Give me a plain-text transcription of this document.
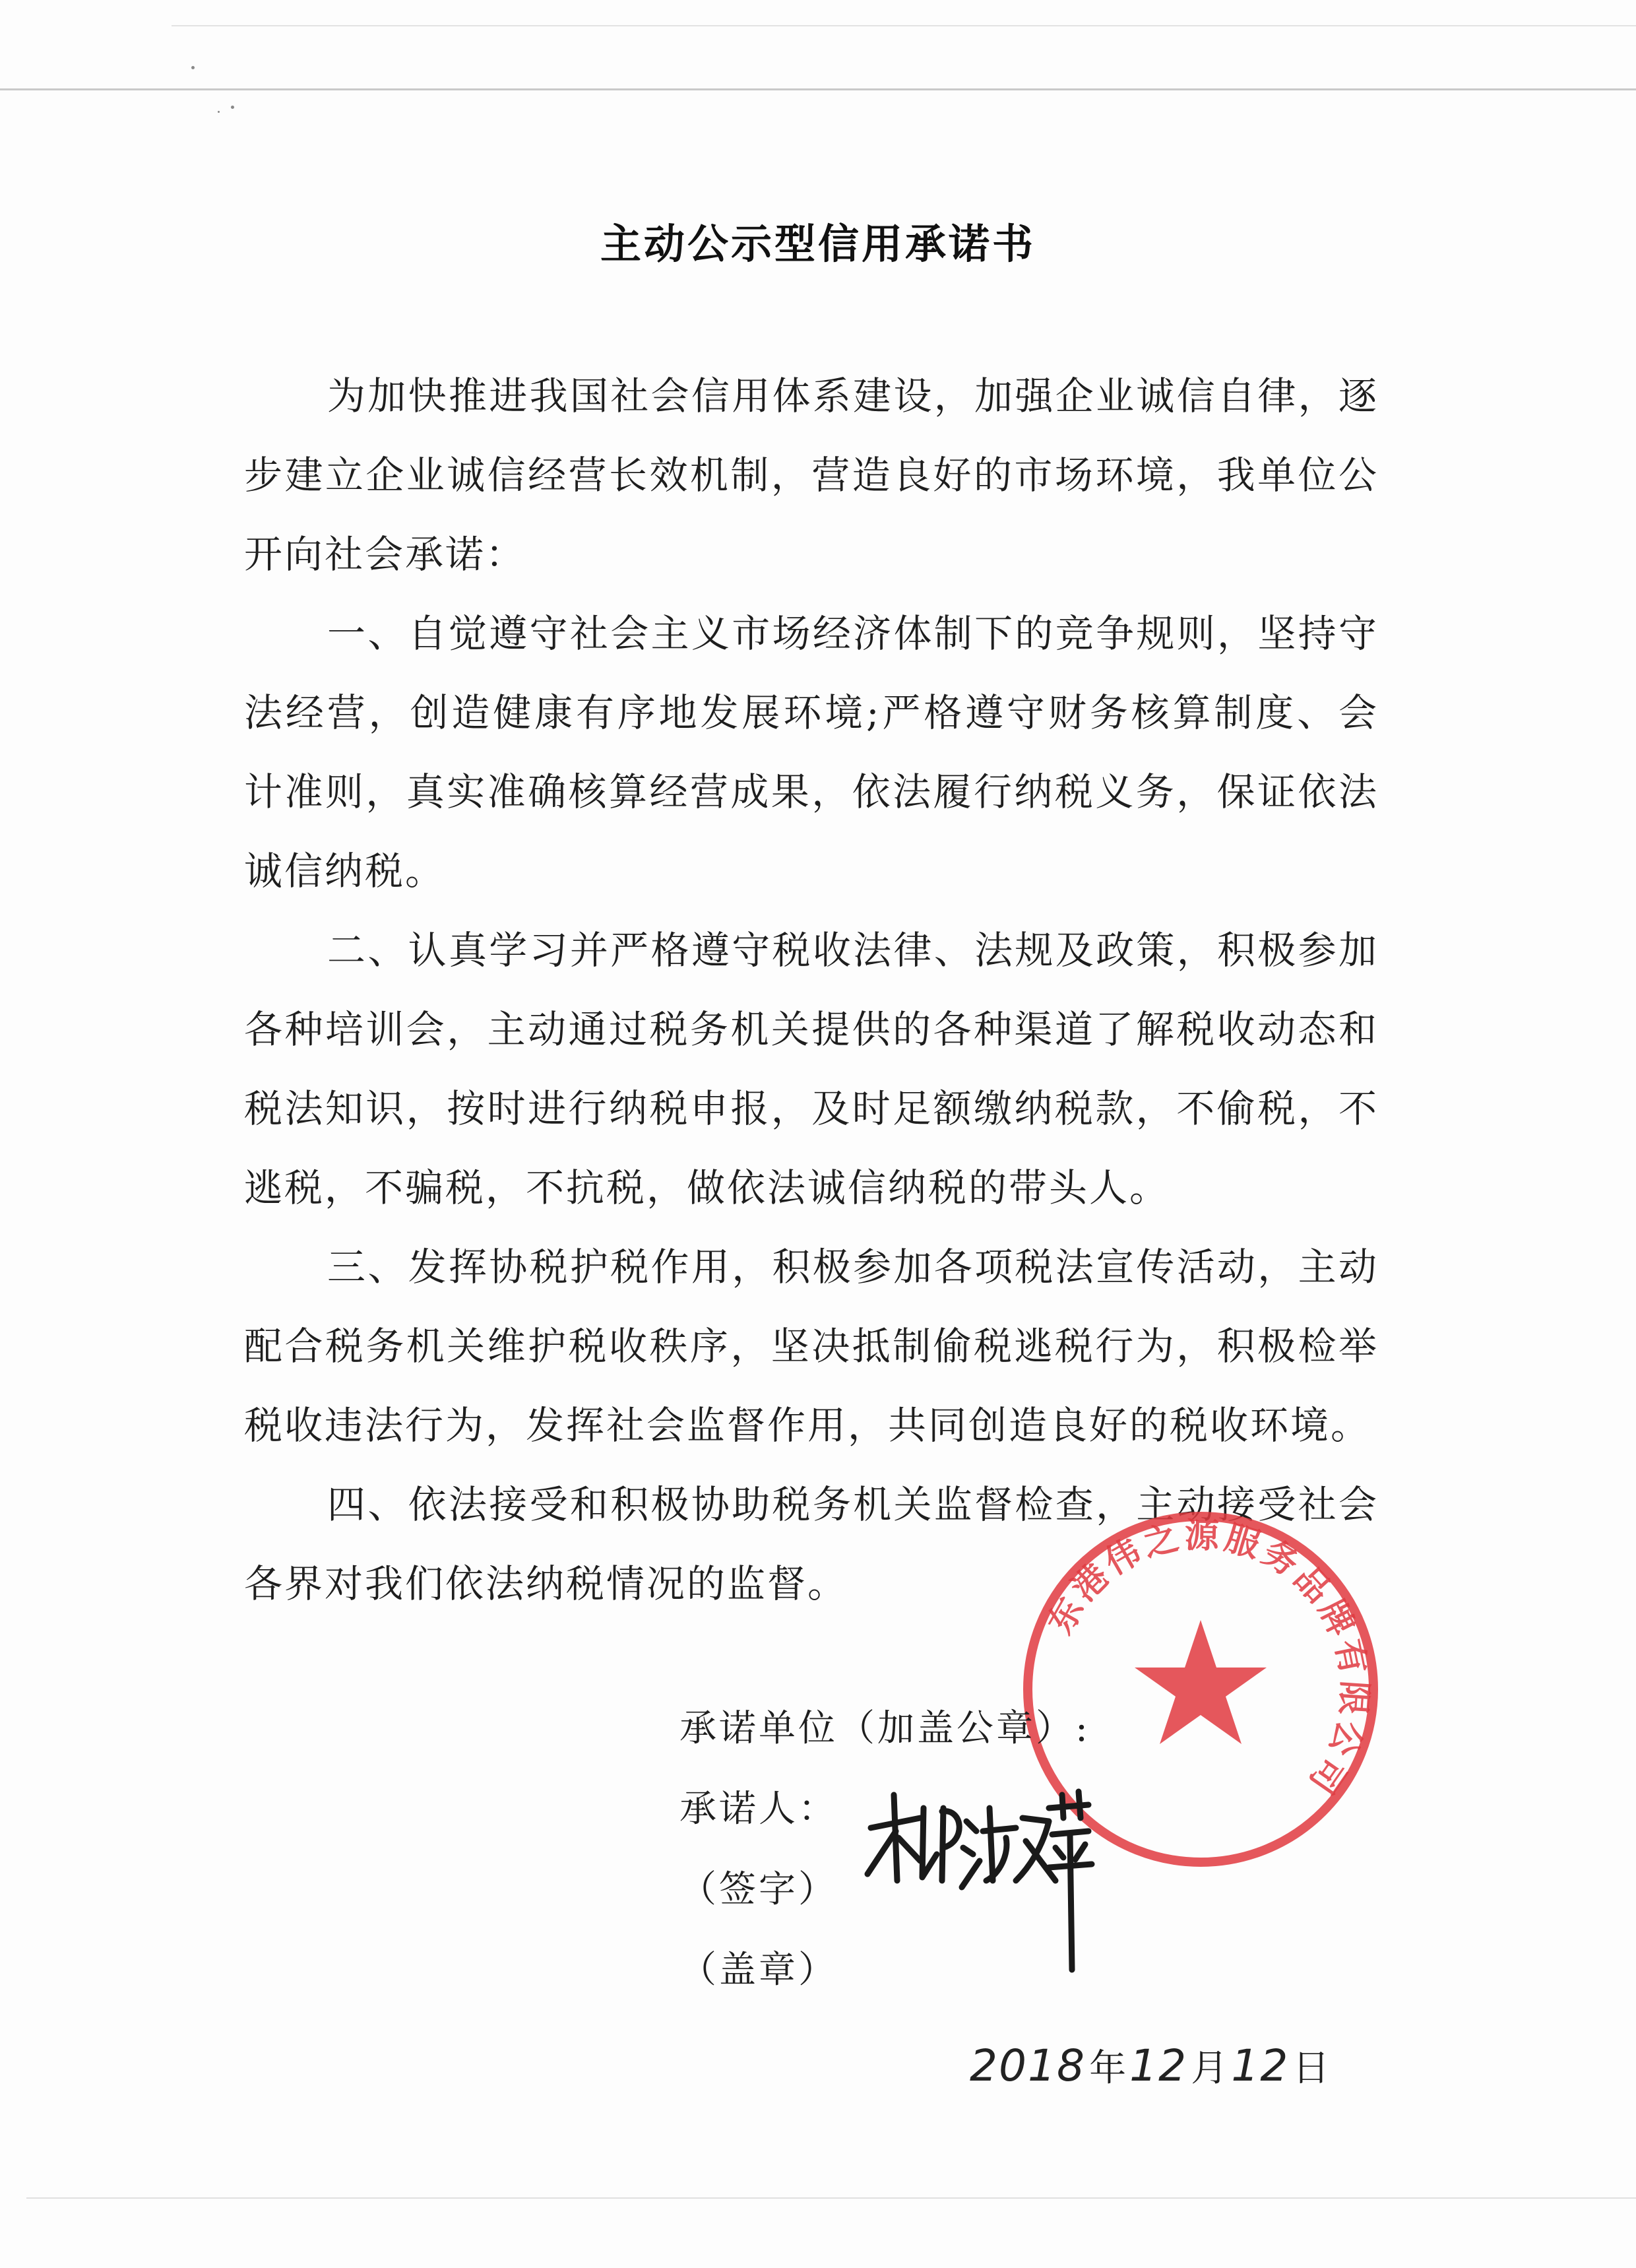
主动公示型信用承诺书

为加快推进我国社会信用体系建设，加强企业诚信自律，逐步建立企业诚信经营长效机制，营造良好的市场环境，我单位公开向社会承诺：

一、自觉遵守社会主义市场经济体制下的竞争规则，坚持守法经营，创造健康有序地发展环境;严格遵守财务核算制度、会计准则，真实准确核算经营成果，依法履行纳税义务，保证依法诚信纳税。

二、认真学习并严格遵守税收法律、法规及政策，积极参加各种培训会，主动通过税务机关提供的各种渠道了解税收动态和税法知识，按时进行纳税申报，及时足额缴纳税款，不偷税，不逃税，不骗税，不抗税，做依法诚信纳税的带头人。

三、发挥协税护税作用，积极参加各项税法宣传活动，主动配合税务机关维护税收秩序，坚决抵制偷税逃税行为，积极检举税收违法行为，发挥社会监督作用，共同创造良好的税收环境。

四、依法接受和积极协助税务机关监督检查，主动接受社会各界对我们依法纳税情况的监督。

东港伟之源服务品牌有限公司

承诺单位（加盖公章）:

承诺人：

（签字）

（盖章）

2018 年 12 月 12 日
